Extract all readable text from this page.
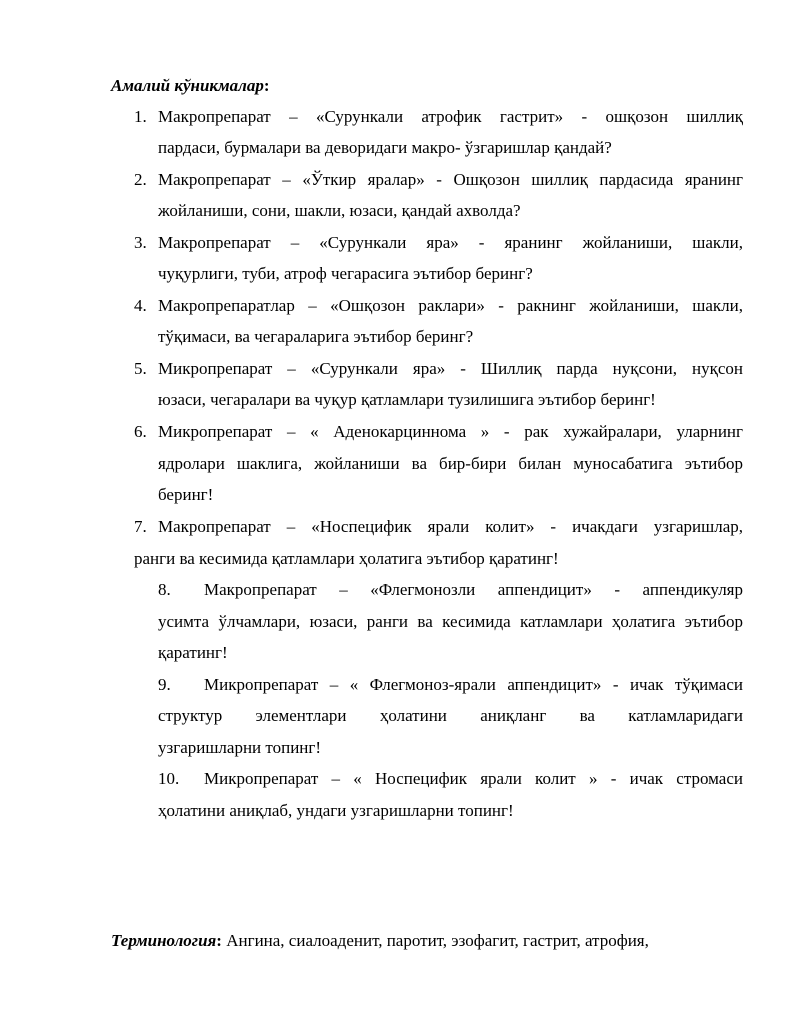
Амалий кўникмалар:
1. Макропрепарат – «Сурункали атрофик гастрит» - ошқозон шиллиқ
пардаси, бурмалари ва деворидаги макро- ўзгаришлар қандай?
2. Макропрепарат – «Ўткир яралар» - Ошқозон шиллиқ пардасида яранинг
жойланиши, сони, шакли, юзаси, қандай ахволда?
3. Макропрепарат – «Сурункали яра» - яранинг жойланиши, шакли,
чуқурлиги, туби, атроф чегарасига эътибор беринг?
4. Макропрепаратлар – «Ошқозон раклари» - ракнинг жойланиши, шакли,
тўқимаси, ва чегараларига эътибор беринг?
5. Микропрепарат – «Сурункали яра» - Шиллиқ парда нуқсони, нуқсон
юзаси, чегаралари ва чуқур қатламлари тузилишига эътибор беринг!
6. Микропрепарат – « Аденокарциннома » - рак хужайралари, уларнинг
ядролари шаклига, жойланиши ва бир-бири билан муносабатига эътибор
беринг!
7. Макропрепарат – «Носпецифик ярали колит» - ичакдаги узгаришлар,
ранги ва кесимида қатламлари ҳолатига эътибор қаратинг!
8. Макропрепарат – «Флегмонозли аппендицит» - аппендикуляр
усимта ўлчамлари, юзаси, ранги ва кесимида катламлари ҳолатига эътибор
қаратинг!
9. Микропрепарат – « Флегмоноз-ярали аппендицит» - ичак тўқимаси
структур элементлари ҳолатини аниқланг ва катламларидаги
узгаришларни топинг!
10. Микропрепарат – « Носпецифик ярали колит » - ичак стромаси
ҳолатини аниқлаб, ундаги узгаришларни топинг!
Терминология: Ангина, сиалоаденит, паротит, эзофагит, гастрит, атрофия,
